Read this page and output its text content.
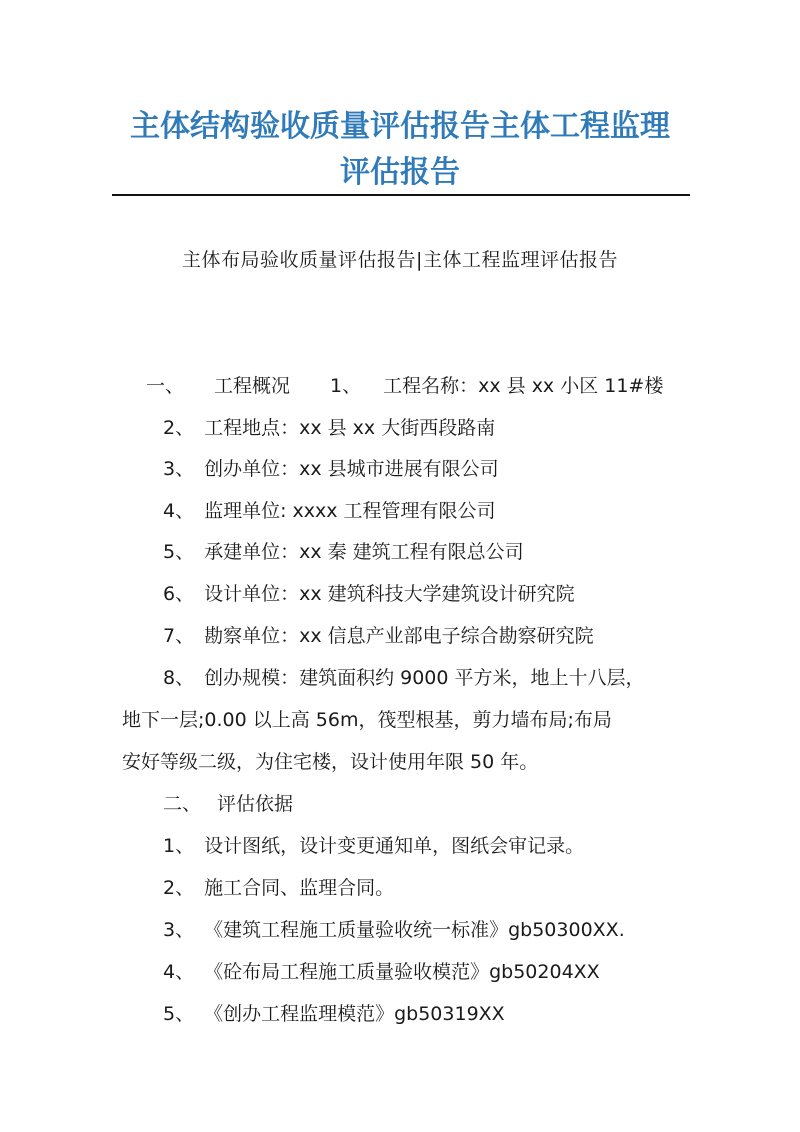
主体结构验收质量评估报告主体工程监理
评估报告
主体布局验收质量评估报告|主体工程监理评估报告
一、 工程概况 1、 工程名称：xx 县 xx 小区 11#楼
2、 工程地点：xx 县 xx 大街西段路南
3、 创办单位：xx 县城市进展有限公司
4、 监理单位: xxxx 工程管理有限公司
5、 承建单位：xx 秦 建筑工程有限总公司
6、 设计单位：xx 建筑科技大学建筑设计研究院
7、 勘察单位：xx 信息产业部电子综合勘察研究院
8、 创办规模：建筑面积约 9000 平方米，地上十八层，
地下一层;0.00 以上高 56m，筏型根基，剪力墙布局;布局
安好等级二级，为住宅楼，设计使用年限 50 年。
二、 评估依据
1、 设计图纸，设计变更通知单，图纸会审记录。
2、 施工合同、监理合同。
3、 《建筑工程施工质量验收统一标准》gb50300XX.
4、 《砼布局工程施工质量验收模范》gb50204XX
5、 《创办工程监理模范》gb50319XX
